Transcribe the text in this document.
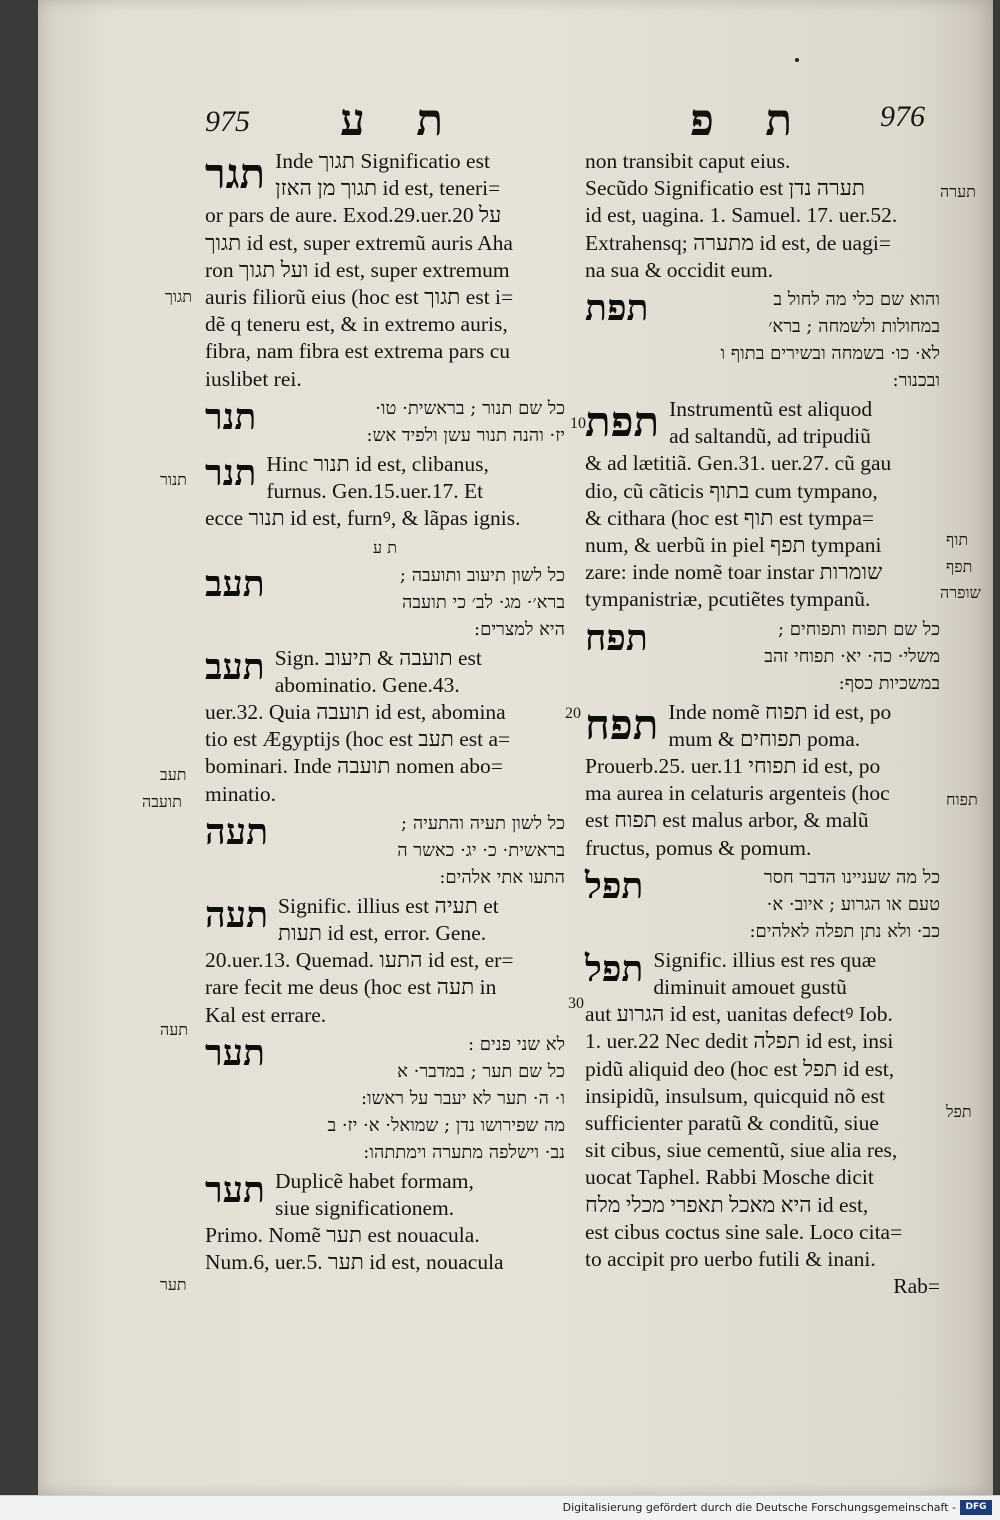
975	976
ת ע	ת פ
תגוך
תנור
תעב
תועבה
תעה
תער
תערה
תוף
תפף
שופרה
תפוח
תפל
10
20
30
תגר Inde תגוך Significatio est
תגוך מן האזן id est, teneri=
or pars de aure. Exod.29.uer.20 על
תגוך id est, super extremũ auris Aha
ron ועל תגוך id est, super extremum
auris filiorũ eius (hoc est תגוך est i=
dẽ q teneru est, & in extremo auris,
fibra, nam fibra est extrema pars cu
iuslibet rei.
תנר	כל שם תנור ; בראשית· טו·
יז· והנה תנור עשן ולפיד אש:
תנר Hinc תנור id est, clibanus,
furnus. Gen.15.uer.17. Et
ecce תנור id est, furnꝰ, & lãpas ignis.
ת ע
תעב	כל לשון תיעוב ותועבה ;
ברא׳· מג· לב׳ כי תועבה
היא למצרים:
תעב Sign. תועבה & תיעוב est
abominatio. Gene.43.
uer.32. Quia תועבה id est, abomina
tio est Ægyptijs (hoc est תעב est a=
bominari. Inde תועבה nomen abo=
minatio.
תעה	כל לשון תעיה והתעיה ;
בראשית· כ· יג· כאשר ה
התעו אתי אלהים:
תעה Signific. illius est תעיה et
תעות id est, error. Gene.
20.uer.13. Quemad. התעו id est, er=
rare fecit me deus (hoc est תעה in
Kal est errare.
תער	לא שני פנים :
כל שם תער ; במדבר· א
ו· ה· תער לא יעבר על ראשו:
מה שפירושו נדן ; שמואל· א· יז· ב
נב· וישלפה מתערה וימתתהו:
תער Duplicẽ habet formam,
siue significationem.
Primo. Nomẽ תער est nouacula.
Num.6, uer.5. תער id est, nouacula
non transibit caput eius.
Secũdo Significatio est תערה נדן
id est, uagina. 1. Samuel. 17. uer.52.
Extrahensq; מתערה id est, de uagi=
na sua & occidit eum.
תפת	והוא שם כלי מה לחול ב
במחולות ולשמחה ; ברא׳
לא· כו· בשמחה ובשירים בתוף ו
ובכנור:
תפת Instrumentũ est aliquod
ad saltandũ, ad tripudiũ
& ad lætitiã. Gen.31. uer.27. cũ gau
dio, cũ cãticis בתוף cum tympano,
& cithara (hoc est תוף est tympa=
num, & uerbũ in piel תפף tympani
zare: inde nomẽ toar instar שומרות
tympanistriæ, pcutiẽtes tympanũ.
תפח	כל שם תפוח ותפוחים ;
משלי· כה· יא· תפוחי זהב
במשכיות כסף:
תפח Inde nomẽ תפוח id est, po
mum & תפוחים poma.
Prouerb.25. uer.11 תפוחי id est, po
ma aurea in celaturis argenteis (hoc
est תפוח est malus arbor, & malũ
fructus, pomus & pomum.
תפל	כל מה שעניינו הדבר חסר
טעם או הגרוע ; איוב· א·
כב· ולא נתן תפלה לאלהים:
תפל Signific. illius est res quæ
diminuit amouet gustũ
aut הגרוע id est, uanitas defectꝰ Iob.
1. uer.22 Nec dedit תפלה id est, insi
pidũ aliquid deo (hoc est תפל id est,
insipidũ, insulsum, quicquid nõ est
sufficienter paratũ & conditũ, siue
sit cibus, siue cementũ, siue alia res,
uocat Taphel. Rabbi Mosche dicit
היא מאכל תאפרי מכלי מלח id est,
est cibus coctus sine sale. Loco cita=
to accipit pro uerbo futili & inani.
Rab=
Digitalisierung gefördert durch die Deutsche Forschungsgemeinschaft -	DFG
